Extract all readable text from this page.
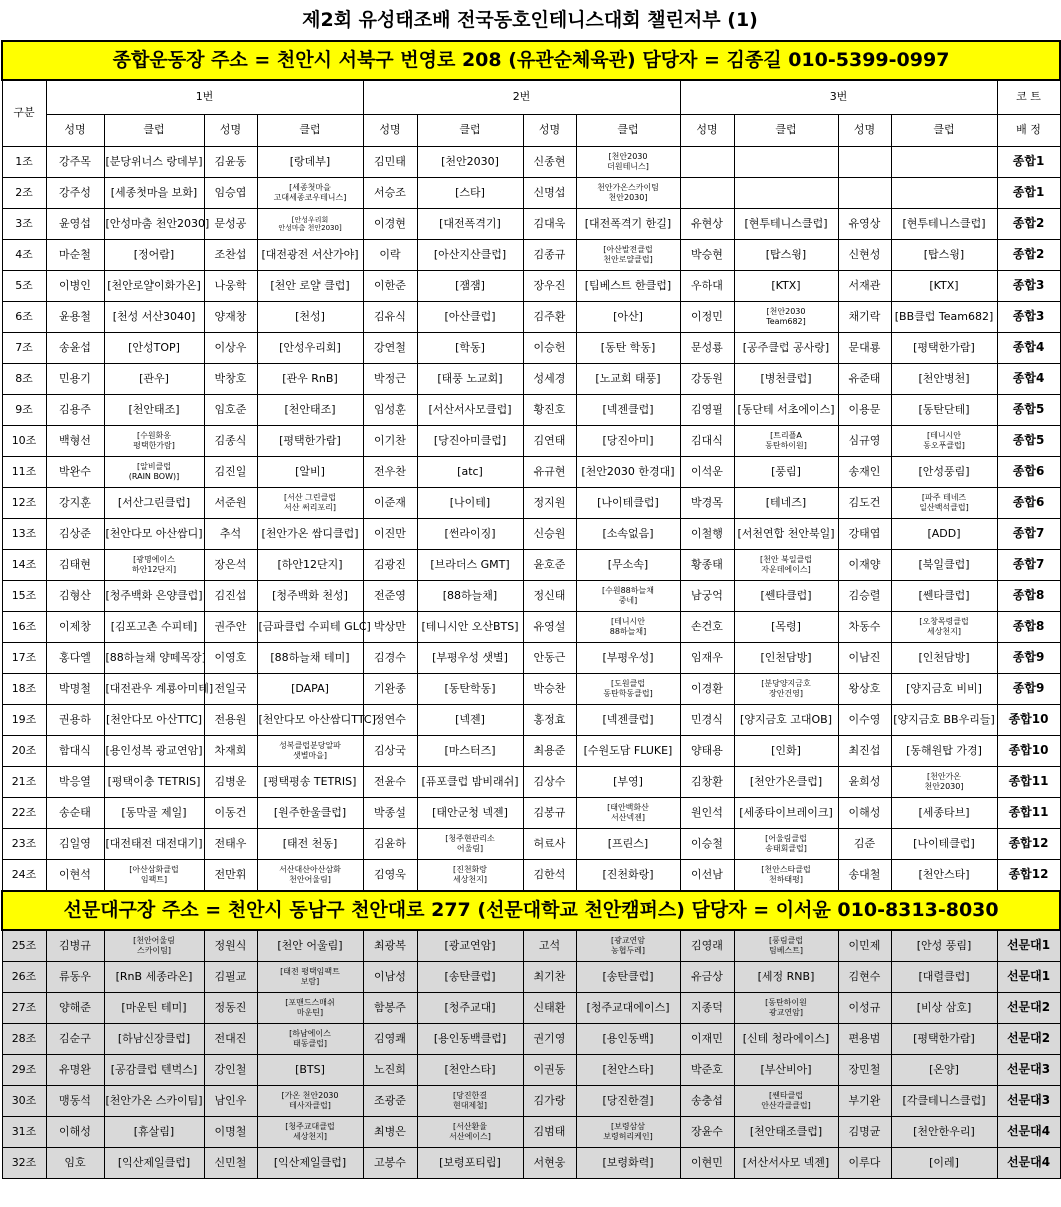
제2회 유성태조배 전국동호인테니스대회 챌린저부 (1)
종합운동장 주소 = 천안시 서북구 번영로 208 (유관순체육관) 담당자 = 김종길 010-5399-0997													
구분	1번				2번				3번				코 트
	성명	클럽	성명	클럽	성명	클럽	성명	클럽	성명	클럽	성명	클럽	배 정
1조	강주목	[분당위너스 랑데부]	김윤동	[랑데부]	김민태	[천안2030]	신종현	[천안2030
더원테니스]					종합1
2조	강주성	[세종첫마을 보화]	임승엽	[세종첫마을
고대세종코우테니스]	서승조	[스타]	신명섭	천안가온스카이팀
천안2030]					종합1
3조	윤영섭	[안성마춤 천안2030]	문성공	[안성우리회
안성마춤 천안2030]	이경현	[대전폭격기]	김대욱	[대전폭격기 한길]	유현상	[현투테니스클럽]	유영상	[현투테니스클럽]	종합2
4조	마순철	[정어람]	조찬섭	[대전광전 서산가야]	이락	[아산지산클럽]	김종규	[아산발전클럽
천안로얄클럽]	박승현	[탑스윙]	신현성	[탑스윙]	종합2
5조	이병인	[천안로얄이화가온]	나웅학	[천안 로얄 클럽]	이한준	[잼잼]	장우진	[팀베스트 한클럽]	우하대	[KTX]	서재관	[KTX]	종합3
6조	윤용철	[천성 서산3040]	양재창	[천성]	김유식	[아산클럽]	김주환	[아산]	이정민	[천안2030
Team682]	채기락	[BB클럽 Team682]	종합3
7조	송윤섭	[안성TOP]	이상우	[안성우리회]	강연철	[학동]	이승헌	[동탄 학동]	문성룡	[공주클럽 공사랑]	문대룡	[평택한가람]	종합4
8조	민용기	[관우]	박창호	[관우 RnB]	박정근	[태풍 노교회]	성세경	[노교회 태풍]	강동원	[병천클럽]	유준태	[천안병천]	종합4
9조	김용주	[천안태조]	임호준	[천안태조]	임성훈	[서산서사모클럽]	황진호	[넥젠클럽]	김영필	[동단테 서초에이스]	이용문	[동탄단테]	종합5
10조	백형선	[수원화옹
평택한가람]	김종식	[평택한가람]	이기찬	[당진아미클럽]	김연태	[당진아미]	김대식	[트리플A
동탄하이원]	심규영	[테니시안
동오푸클럽]	종합5
11조	박완수	[알비클럽
(RAIN BOW)]	김진일	[알비]	전우찬	[atc]	유규현	[천안2030 한경대]	이석운	[풍림]	송재인	[안성풍림]	종합6
12조	강지훈	[서산그린클럽]	서준원	[서산 그린클럽
서산 써리포리]	이준재	[나이테]	정지원	[나이테클럽]	박경목	[테네즈]	김도건	[파주 테네즈
일산백석클럽]	종합6
13조	김상준	[천안다모 아산쌈디]	추석	[천안가온 쌈디클럽]	이진만	[썬라이징]	신승원	[소속없음]	이철행	[서천연합 천안북일]	강태엽	[ADD]	종합7
14조	김태현	[광명에이스
하안12단지]	장은석	[하안12단지]	김광진	[브라더스 GMT]	윤호준	[무소속]	황종태	[천안 북일클럽
자운데에이스]	이재양	[북일클럽]	종합7
15조	김형산	[청주백화 은양클럽]	김진섭	[청주백화 천성]	전준영	[88하늘채]	정신태	[수원88하늘채
중네]	남궁억	[쎈타클럽]	김승렬	[쎈타클럽]	종합8
16조	이제창	[김포고촌 수피테]	권주안	[금파클럽 수피테 GLC]	박상만	[테니시안 오산BTS]	유영설	[테니시안
88하늘채]	손건호	[목령]	차동수	[오창목령클럽
세상천지]	종합8
17조	홍다엘	[88하늘채 양떼목장]	이영호	[88하늘채 테미]	김경수	[부평우성 샛별]	안동근	[부평우성]	임재우	[인천담방]	이남진	[인천담방]	종합9
18조	박명철	[대전관우 계룡아미테]	전일국	[DAPA]	기완종	[동탄학동]	박승찬	[도원클럽
동탄학동클럽]	이경환	[분당양지금호
장안건영]	왕상호	[양지금호 비비]	종합9
19조	권용하	[천안다모 아산TTC]	전용원	[천안다모 아산쌈디TTC]	정연수	[넥젠]	홍정효	[넥젠클럽]	민경식	[양지금호 고대OB]	이수영	[양지금호 BB우리들]	종합10
20조	함대식	[용인성복 광교연암]	차재희	성복클럽분당알파
샛별마을]	김상국	[마스터즈]	최용준	[수원도담 FLUKE]	양태용	[인화]	최진섭	[동해원탑 가경]	종합10
21조	박응열	[평택이충 TETRIS]	김병운	[평택평송 TETRIS]	전윤수	[퓨포클럽 밤비래쉬]	김상수	[부영]	김창환	[천안가온클럽]	윤희성	[천안가온
천안2030]	종합11
22조	송순태	[동막골 제일]	이동건	[원주한울클럽]	박종설	[태안군청 넥젠]	김봉규	[태안백화산
서산넥젠]	원인석	[세종타이브레이크]	이해성	[세종타브]	종합11
23조	김일영	[대전태전 대전대기]	전태우	[태전 천동]	김윤하	[청주현관리소
어울림]	허료사	[프린스]	이승철	[어울림클럽
송태회클럽]	김준	[나이테클럽]	종합12
24조	이현석	[아산삼화클럽
임팩트]	전만휘	서산대산아산삼화
천안어울림]	김영욱	[진천화랑
세상천지]	김한석	[진천화랑]	이선남	[천안스타클럽
천하태평]	송대철	[천안스타]	종합12
선문대구장 주소 = 천안시 동남구 천안대로 277 (선문대학교 천안캠퍼스) 담당자 = 이서윤 010-8313-8030													
25조	김병규	[천안어울림
스카이팀]	정원식	[천안 어울림]	최광복	[광교연암]	고석	[광교연암
농협두레]	김영래	[풍림클럽
팀베스트]	이민제	[안성 풍림]	선문대1
26조	류동우	[RnB 세종라온]	김필교	[태전 평택임팩트
보람]	이남성	[송탄클럽]	최기찬	[송탄클럽]	유금상	[세정 RNB]	김현수	[대렬클럽]	선문대1
27조	양해준	[마운틴 테미]	정동진	[포맨드스매쉬
마운틴]	함봉주	[청주교대]	신태환	[청주교대에이스]	지종덕	[동탄하이원
광교연암]	이성규	[비상 삼호]	선문대2
28조	김순구	[하남신장클럽]	전대진	[하남에이스
태동클럽]	김영쾌	[용인동백클럽]	권기영	[용인동백]	이재민	[신테 청라에이스]	편용범	[평택한가람]	선문대2
29조	유명완	[공감클럽 텐벅스]	강인철	[BTS]	노진희	[천안스타]	이권동	[천안스타]	박준호	[부산비아]	장민철	[온양]	선문대3
30조	맹동석	[천안가온 스카이팀]	남인우	[가온 천안2030
테사자클럽]	조광준	[당진한결
현대제철]	김가랑	[당진한결]	송충섭	[쎈타클럽
안산각클클럽]	부기완	[각클테니스클럽]	선문대3
31조	이해성	[휴살림]	이명철	[청주교대클럽
세상천지]	최병은	[서산환율
서산에이스]	김범태	[보령삼삼
보령허리케인]	장윤수	[천안태조클럽]	김명균	[천안한우리]	선문대4
32조	임호	[익산제일클럽]	신민철	[익산제일클럽]	고봉수	[보령포티립]	서현웅	[보령화력]	이현민	[서산서사모 넥젠]	이루다	[이레]	선문대4
